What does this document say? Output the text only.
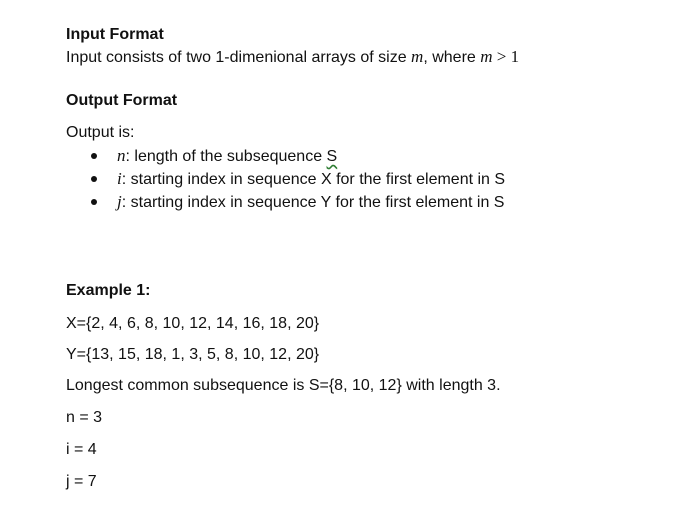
Input Format
Input consists of two 1-dimenional arrays of size m, where m > 1
Output Format
Output is:
n: length of the subsequence S
i: starting index in sequence X for the first element in S
j: starting index in sequence Y for the first element in S
Example 1:
X={2, 4, 6, 8, 10, 12, 14, 16, 18, 20}
Y={13, 15, 18, 1, 3, 5, 8, 10, 12, 20}
Longest common subsequence is S={8, 10, 12} with length 3.
n = 3
i = 4
j = 7
